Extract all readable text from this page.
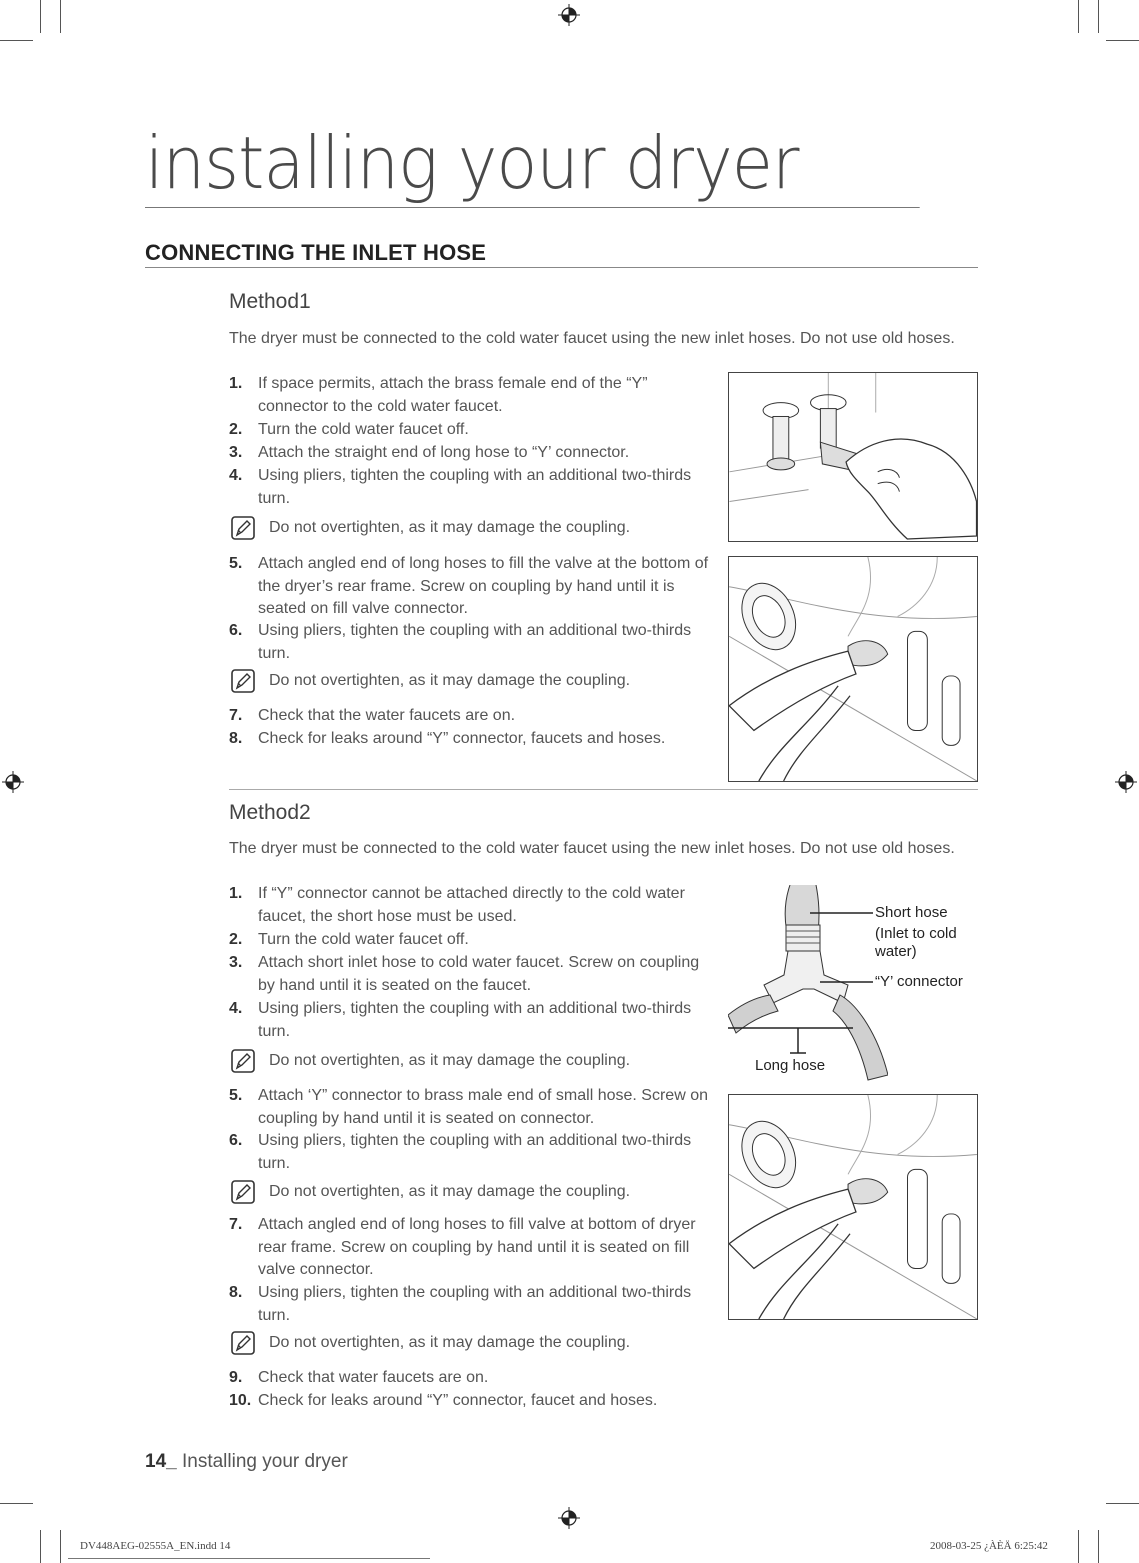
installing your dryer
CONNECTING THE INLET HOSE
Method1
The dryer must be connected to the cold water faucet using the new inlet hoses. Do not use old hoses.
1. If space permits, attach the brass female end of the “Y” connector to the cold water faucet.
2. Turn the cold water faucet off.
3. Attach the straight end of long hose to “Y’ connector.
4. Using pliers, tighten the coupling with an additional two-thirds turn.
Do not overtighten, as it may damage the coupling.
5. Attach angled end of long hoses to fill the valve at the bottom of the dryer’s rear frame. Screw on coupling by hand until it is seated on fill valve connector.
6. Using pliers, tighten the coupling with an additional two-thirds turn.
Do not overtighten, as it may damage the coupling.
7. Check that the water faucets are on.
8. Check for leaks around “Y” connector, faucets and hoses.
Method2
The dryer must be connected to the cold water faucet using the new inlet hoses. Do not use old hoses.
1. If “Y” connector cannot be attached directly to the cold water faucet, the short hose must be used.
2. Turn the cold water faucet off.
3. Attach short inlet hose to cold water faucet. Screw on coupling by hand until it is seated on the faucet.
4. Using pliers, tighten the coupling with an additional two-thirds turn.
Do not overtighten, as it may damage the coupling.
5. Attach ‘Y” connector to brass male end of small hose. Screw on coupling by hand until it is seated on connector.
6. Using pliers, tighten the coupling with an additional two-thirds turn.
Do not overtighten, as it may damage the coupling.
7. Attach angled end of long hoses to fill valve at bottom of dryer rear frame. Screw on coupling by hand until it is seated on fill valve connector.
8. Using pliers, tighten the coupling with an additional two-thirds turn.
Do not overtighten, as it may damage the coupling.
9. Check that water faucets are on.
10. Check for leaks around “Y” connector, faucet and hoses.
Short hose
(Inlet to cold
water)
“Y’ connector
Long hose
14_ Installing your dryer
DV448AEG-02555A_EN.indd 14	2008-03-25 ¿ÀÈÄ 6:25:42
